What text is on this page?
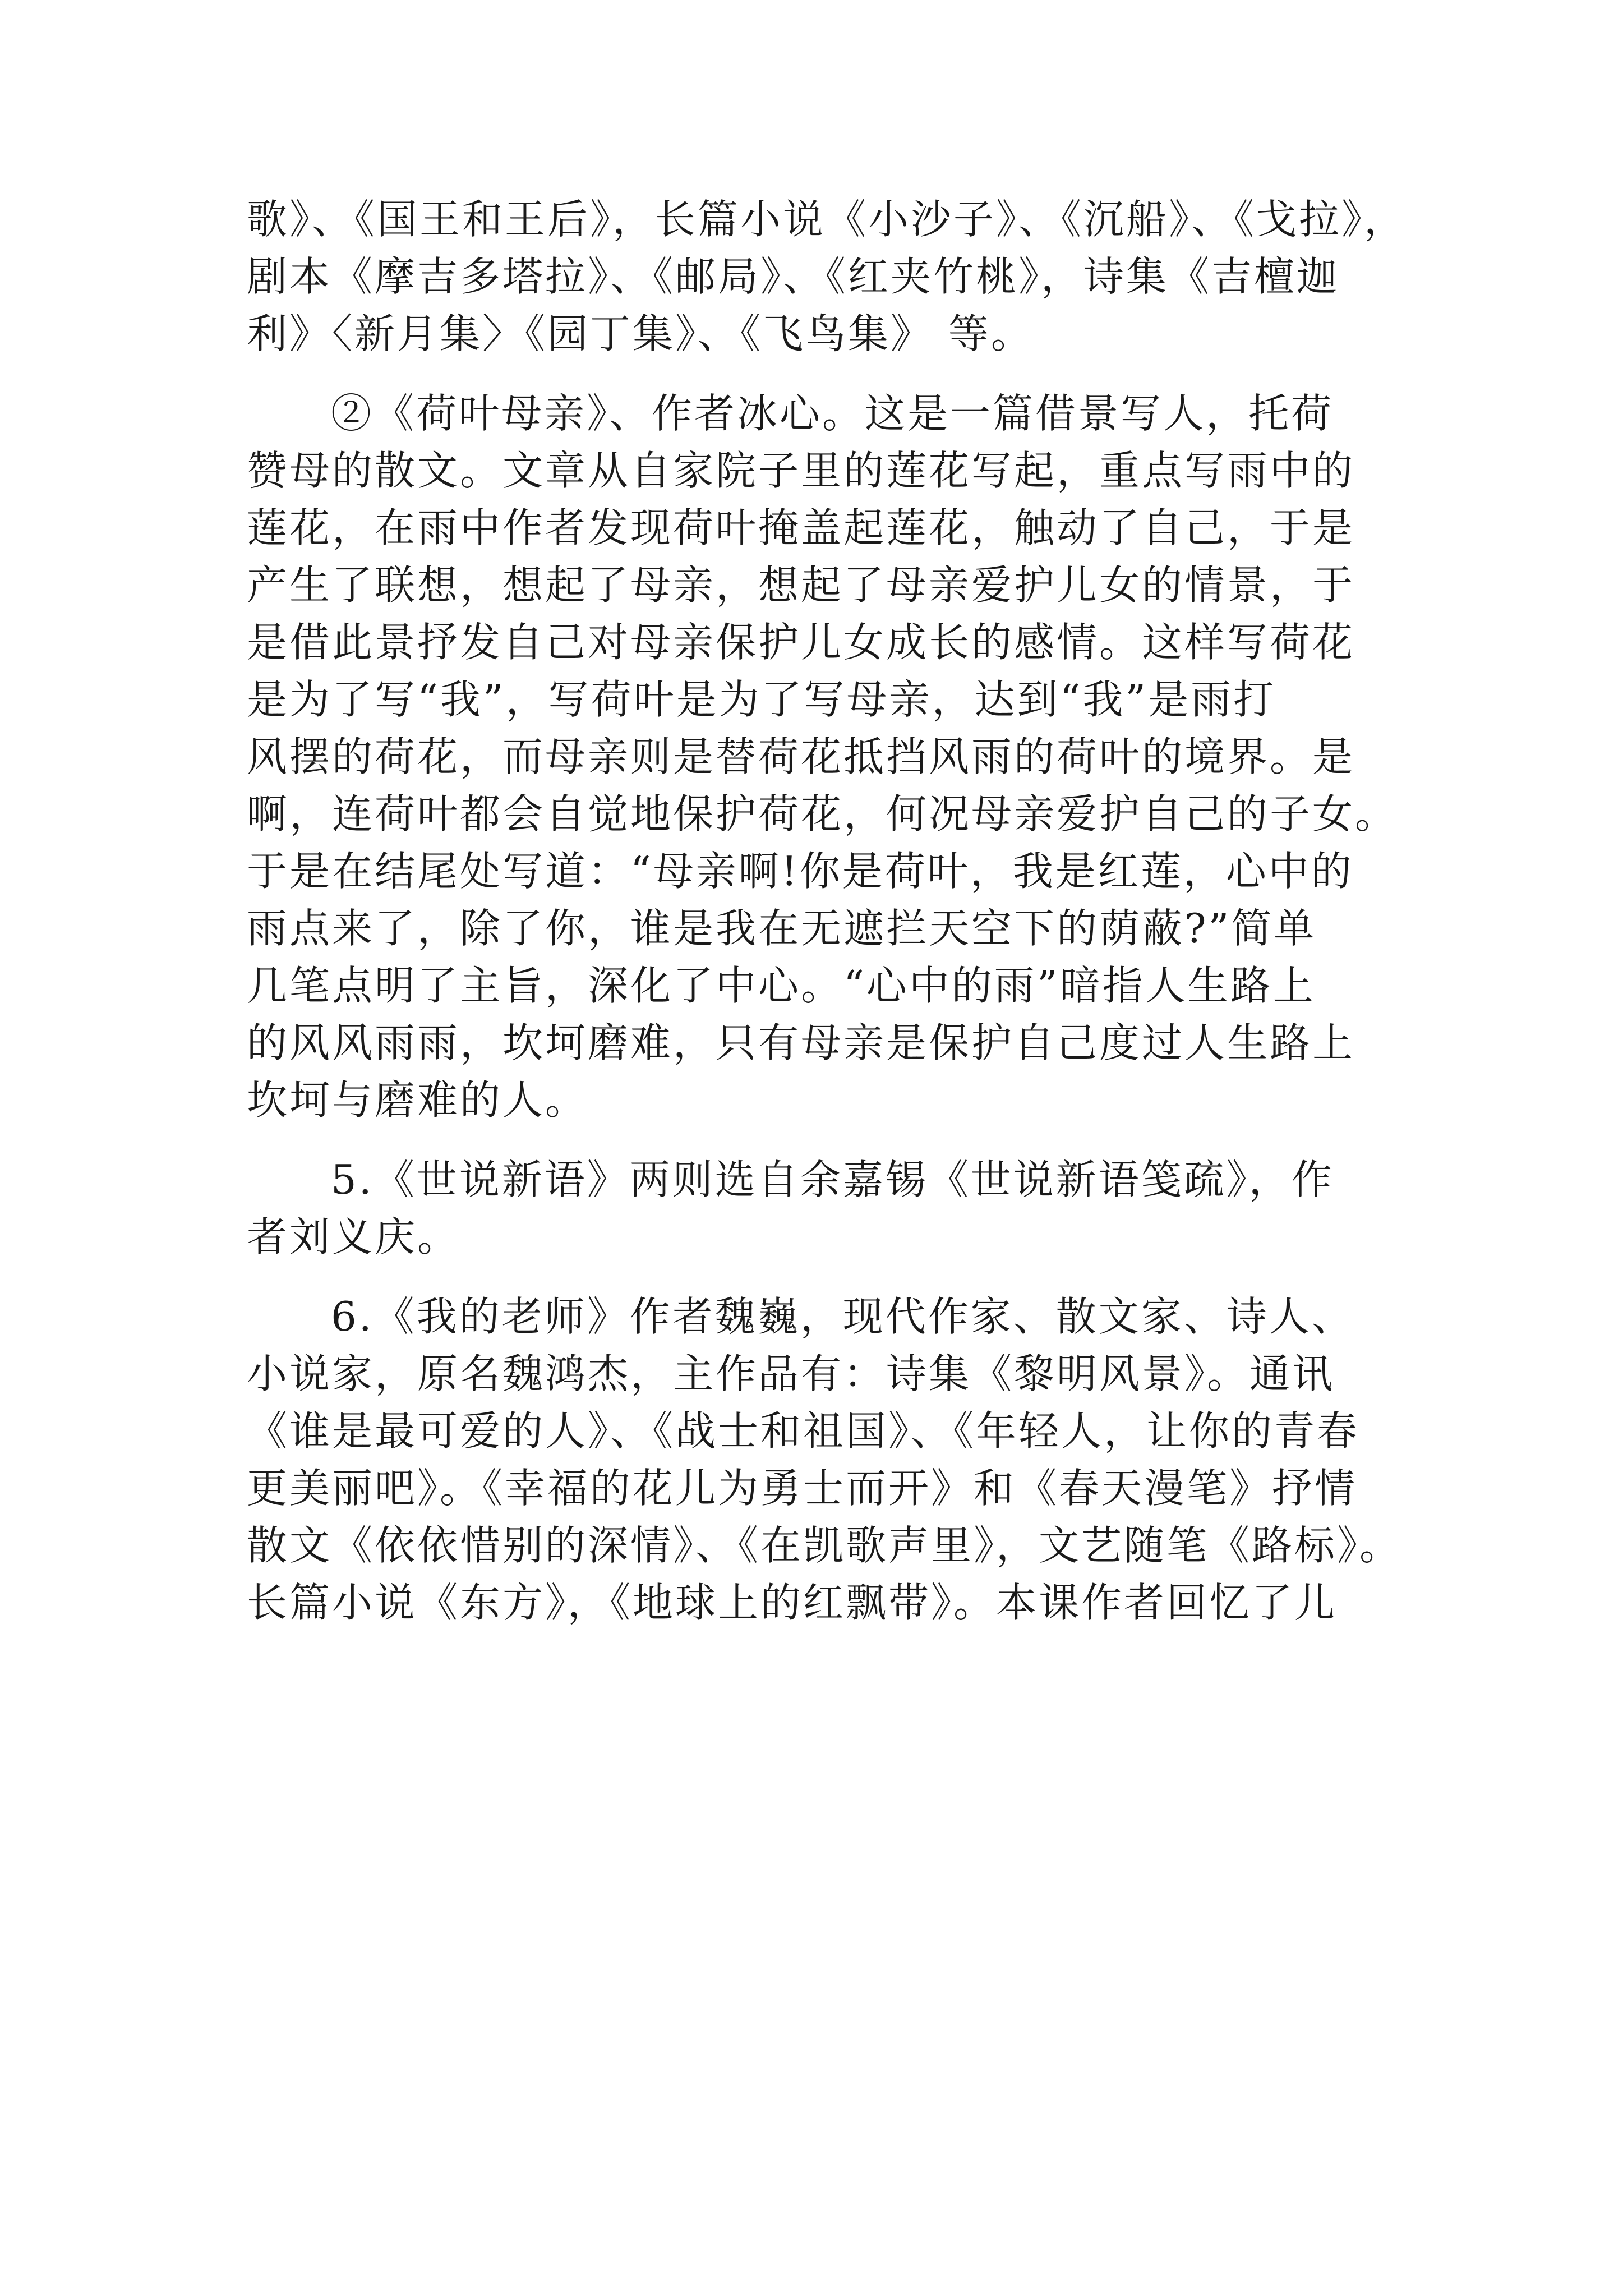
歌》、《国王和王后》，长篇小说《小沙子》、《沉船》、《戈拉》，
剧本《摩吉多塔拉》、《邮局》、《红夹竹桃》，诗集《吉檀迦
利》〈新月集〉《园丁集》、《飞鸟集》 等。
②《荷叶母亲》、作者冰心。这是一篇借景写人，托荷
赞母的散文。文章从自家院子里的莲花写起，重点写雨中的
莲花，在雨中作者发现荷叶掩盖起莲花，触动了自己，于是
产生了联想，想起了母亲，想起了母亲爱护儿女的情景，于
是借此景抒发自己对母亲保护儿女成长的感情。这样写荷花
是为了写“我”，写荷叶是为了写母亲，达到“我”是雨打
风摆的荷花，而母亲则是替荷花抵挡风雨的荷叶的境界。是
啊，连荷叶都会自觉地保护荷花，何况母亲爱护自己的子女。
于是在结尾处写道：“母亲啊!你是荷叶，我是红莲，心中的
雨点来了，除了你，谁是我在无遮拦天空下的荫蔽?”简单
几笔点明了主旨，深化了中心。“心中的雨”暗指人生路上
的风风雨雨，坎坷磨难，只有母亲是保护自己度过人生路上
坎坷与磨难的人。
5.《世说新语》两则选自余嘉锡《世说新语笺疏》，作
者刘义庆。
6.《我的老师》作者魏巍，现代作家、散文家、诗人、
小说家，原名魏鸿杰，主作品有：诗集《黎明风景》。通讯
《谁是最可爱的人》、《战士和祖国》、《年轻人，让你的青春
更美丽吧》。《幸福的花儿为勇士而开》和《春天漫笔》抒情
散文《依依惜别的深情》、《在凯歌声里》，文艺随笔《路标》。
长篇小说《东方》，《地球上的红飘带》。本课作者回忆了儿
